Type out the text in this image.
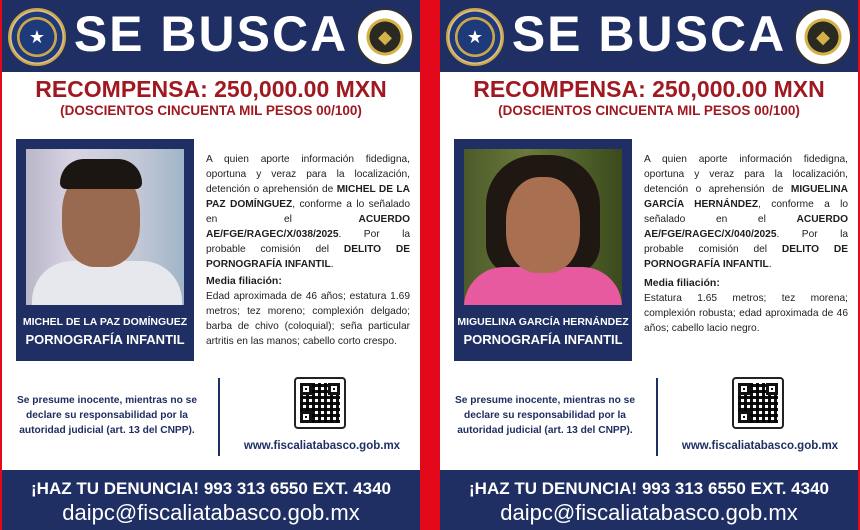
★ SE BUSCA	◆
RECOMPENSA: 250,000.00 MXN
(DOSCIENTOS CINCUENTA MIL PESOS 00/100)
MICHEL DE LA PAZ DOMÍNGUEZ
PORNOGRAFÍA INFANTIL
A quien aporte información fidedigna, oportuna y veraz para la localización, detención o aprehensión de MICHEL DE LA PAZ DOMÍNGUEZ, conforme a lo señalado en el ACUERDO AE/FGE/RAGEC/X/038/2025. Por la probable comisión del DELITO DE PORNOGRAFÍA INFANTIL.
Media filiación:
Edad aproximada de 46 años; estatura 1.69 metros; tez moreno; complexión delgado; barba de chivo (coloquial); seña particular artritis en las manos; cabello corto crespo.
Se presume inocente, mientras no se declare su responsabilidad por la autoridad judicial (art. 13 del CNPP).
www.fiscaliatabasco.gob.mx
¡HAZ TU DENUNCIA! 993 313 6550 EXT. 4340
daipc@fiscaliatabasco.gob.mx
★ SE BUSCA	◆
RECOMPENSA: 250,000.00 MXN
(DOSCIENTOS CINCUENTA MIL PESOS 00/100)
MIGUELINA GARCÍA HERNÁNDEZ
PORNOGRAFÍA INFANTIL
A quien aporte información fidedigna, oportuna y veraz para la localización, detención o aprehensión de MIGUELINA GARCÍA HERNÁNDEZ, conforme a lo señalado en el ACUERDO AE/FGE/RAGEC/X/040/2025. Por la probable comisión del DELITO DE PORNOGRAFÍA INFANTIL.
Media filiación:
Estatura 1.65 metros; tez morena; complexión robusta; edad aproximada de 46 años; cabello lacio negro.
Se presume inocente, mientras no se declare su responsabilidad por la autoridad judicial (art. 13 del CNPP).
www.fiscaliatabasco.gob.mx
¡HAZ TU DENUNCIA! 993 313 6550 EXT. 4340
daipc@fiscaliatabasco.gob.mx
